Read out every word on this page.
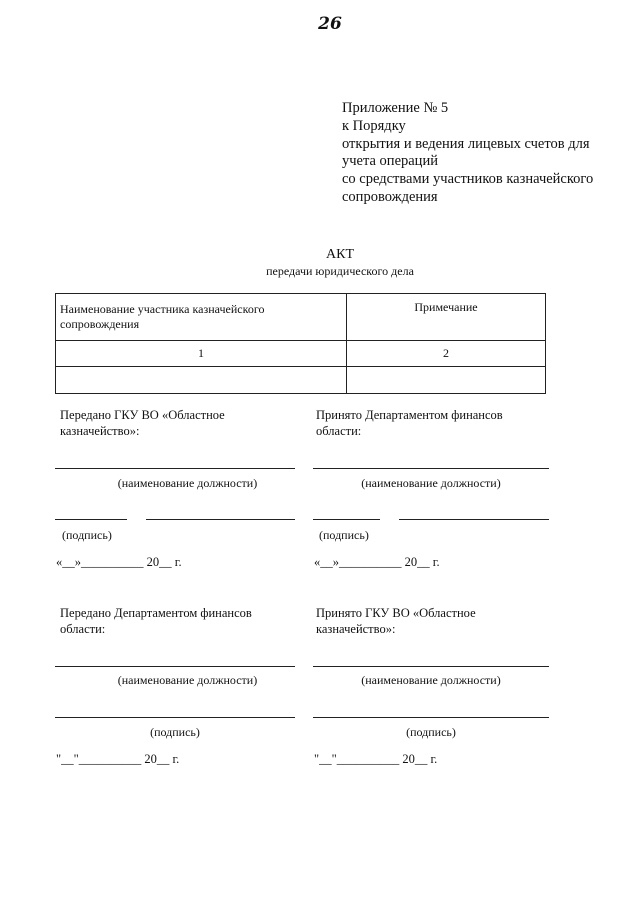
26
Приложение № 5
к Порядку
открытия и ведения лицевых счетов для
учета операций
со средствами участников казначейского
сопровождения
АКТ
передачи юридического дела
Наименование участника казначейского сопровождения	Примечание
1	2

Передано ГКУ ВО «Областное
казначейство»:
(наименование должности)
(подпись)
«__»__________ 20__ г.
Принято Департаментом финансов
области:
(наименование должности)
(подпись)
«__»__________ 20__ г.
Передано Департаментом финансов
области:
(наименование должности)
(подпись)
"__"__________ 20__ г.
Принято ГКУ ВО «Областное
казначейство»:
(наименование должности)
(подпись)
"__"__________ 20__ г.
